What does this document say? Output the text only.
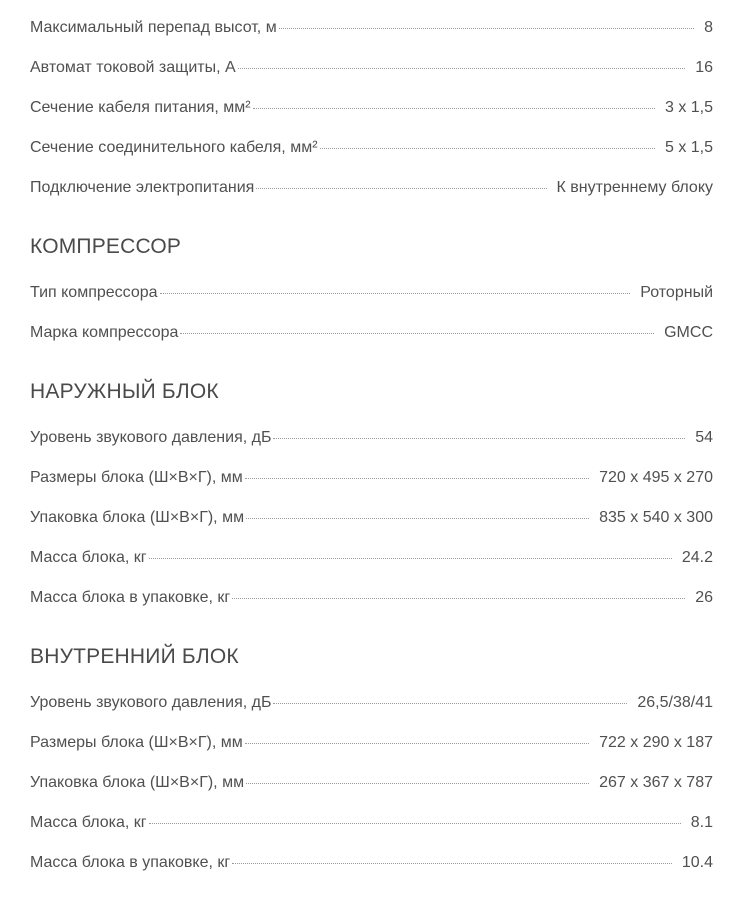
Максимальный перепад высот, м	8
Автомат токовой защиты, А	16
Сечение кабеля питания, мм²	3 x 1,5
Сечение соединительного кабеля, мм²	5 x 1,5
Подключение электропитания	К внутреннему блоку
КОМПРЕССОР
Тип компрессора	Роторный
Марка компрессора	GMCC
НАРУЖНЫЙ БЛОК
Уровень звукового давления, дБ	54
Размеры блока (Ш×В×Г), мм	720 x 495 x 270
Упаковка блока (Ш×В×Г), мм	835 x 540 x 300
Масса блока, кг	24.2
Масса блока в упаковке, кг	26
ВНУТРЕННИЙ БЛОК
Уровень звукового давления, дБ	26,5/38/41
Размеры блока (Ш×В×Г), мм	722 x 290 x 187
Упаковка блока (Ш×В×Г), мм	267 x 367 x 787
Масса блока, кг	8.1
Масса блока в упаковке, кг	10.4
